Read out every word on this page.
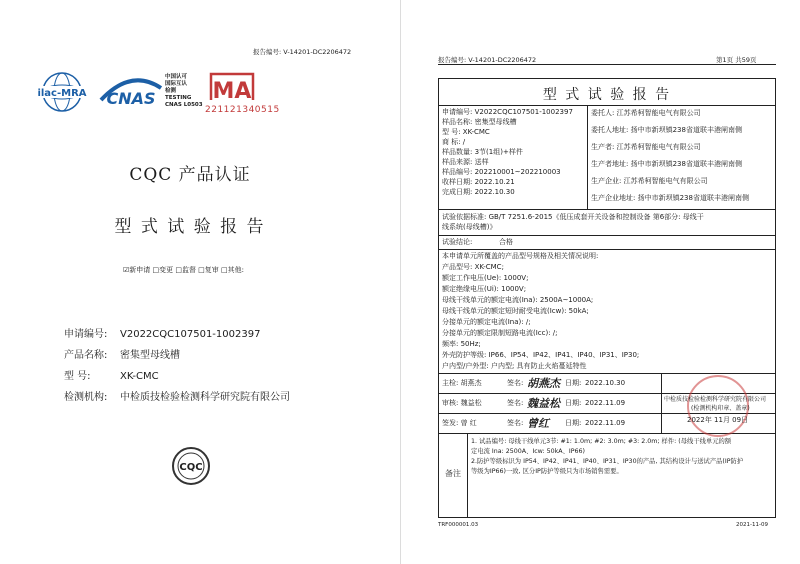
报告编号: V-14201-DC2206472
ilac-MRA CNAS
中国认可
国际互认
检测
TESTING
CNAS L0503
MA
221121340515
CQC 产品认证
型 式 试 验 报 告
☑新申请 □变更 □监督 □复审 □其他:
申请编号: V2022CQC107501-1002397
产品名称: 密集型母线槽
型 号:	XK-CMC
检测机构: 中检质技检验检测科学研究院有限公司
CQC
报告编号: V-14201-DC2206472	第1页 共59页
型 式 试 验 报 告
申请编号: V2022CQC107501-1002397
样品名称: 密集型母线槽
型 号: XK-CMC
商 标: /
样品数量: 3节(1组)+样件
样品来源: 送样
样品编号: 202210001~202210003
收样日期: 2022.10.21
完成日期: 2022.10.30
委托人: 江苏希柯智能电气有限公司
委托人地址: 扬中市新坝镇238省道联丰港闸南侧
生产者: 江苏希柯智能电气有限公司
生产者地址: 扬中市新坝镇238省道联丰港闸南侧
生产企业: 江苏希柯智能电气有限公司
生产企业地址: 扬中市新坝镇238省道联丰港闸南侧
试验依据标准: GB/T 7251.6-2015《低压成套开关设备和控制设备 第6部分: 母线干
线系统(母线槽)》
试验结论:	合格
本申请单元所覆盖的产品型号规格及相关情况说明:
产品型号: XK-CMC;
额定工作电压(Ue): 1000V;
额定绝缘电压(Ui): 1000V;
母线干线单元的额定电流(Ina): 2500A~1000A;
母线干线单元的额定短时耐受电流(Icw): 50kA;
分接单元的额定电流(Ina): /;
分接单元的额定限制短路电流(Icc): /;
频率: 50Hz;
外壳防护等级: IP66、IP54、IP42、IP41、IP40、IP31、IP30;
户内型/户外型: 户内型; 具有防止火焰蔓延特性
主检: 胡燕杰	签名: 胡燕杰 日期: 2022.10.30
审核: 魏益松	签名: 魏益松 日期: 2022.11.09
签发: 曾 红	签名: 曾红 日期: 2022.11.09
中检质技检验检测科学研究院有限公司
(检测机构印章、盖章)
2022年 11月 09日
备注
1. 试品编号: 母线干线单元3节: #1: 1.0m; #2: 3.0m; #3: 2.0m; 样件: (母线干线单元的额
定电流 Ina: 2500A、Icw: 50kA、IP66)
2.防护等级标识为 IP54、IP42、IP41、IP40、IP31、IP30的产品, 其结构设计与送试产品(IP防护
等级为IP66)一致, 区分IP防护等级只为市场销售需要。
TRF000001.03	2021-11-09
